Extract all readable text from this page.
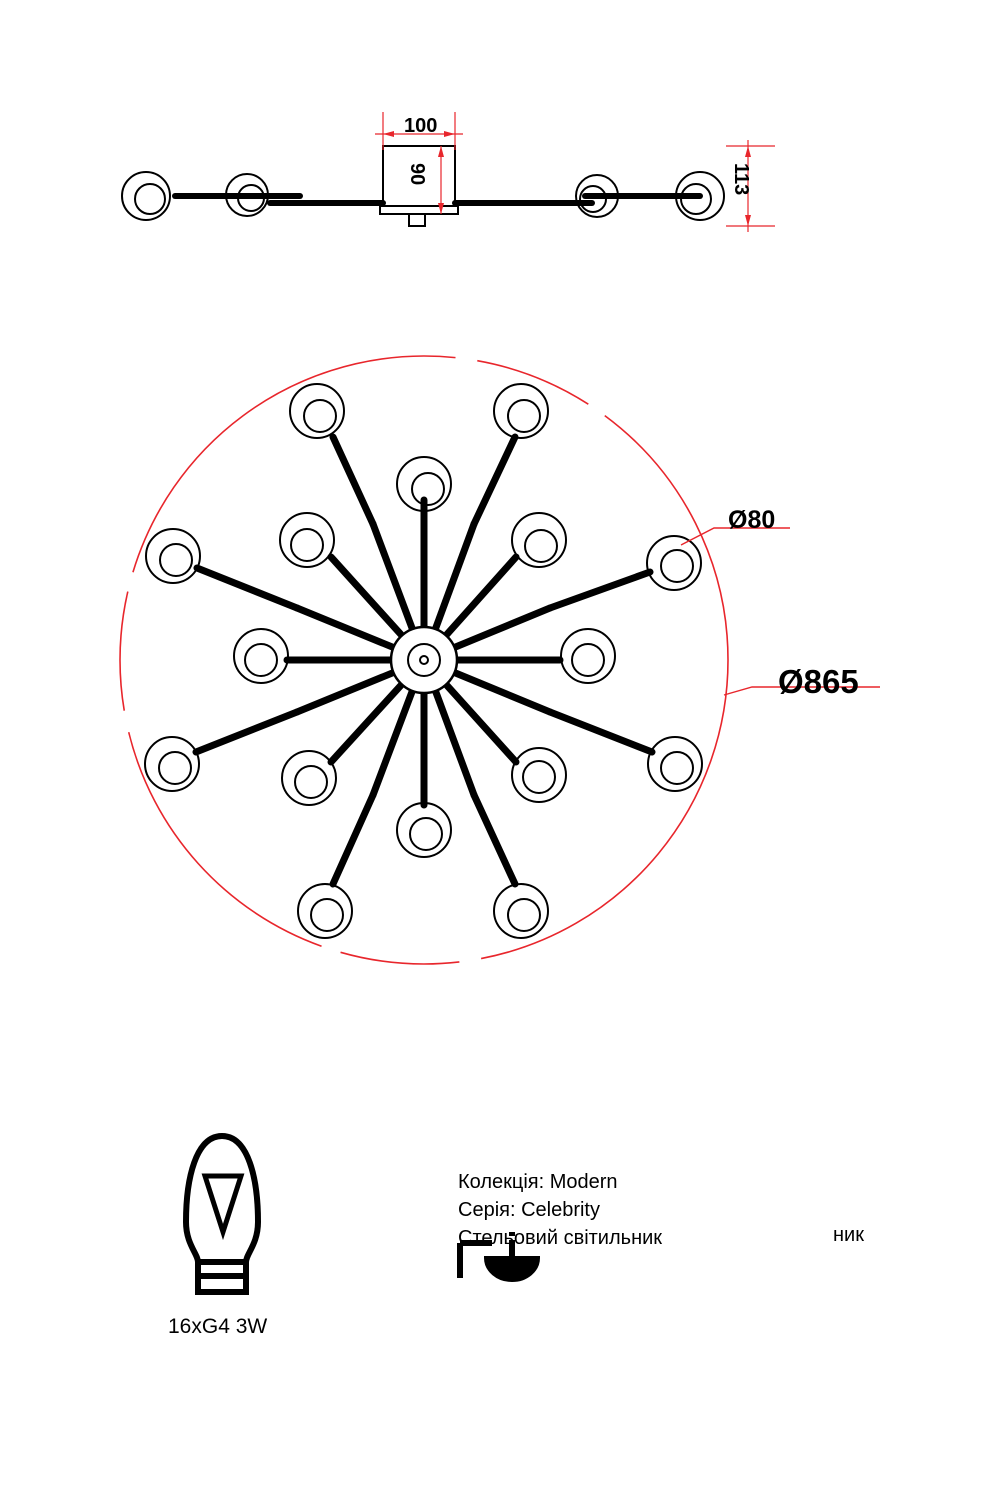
100
90	113
Ø80
Ø865
16xG4 3W
Колекція: Modern
Серія: Celebrity
Стельовий світильник	ник
